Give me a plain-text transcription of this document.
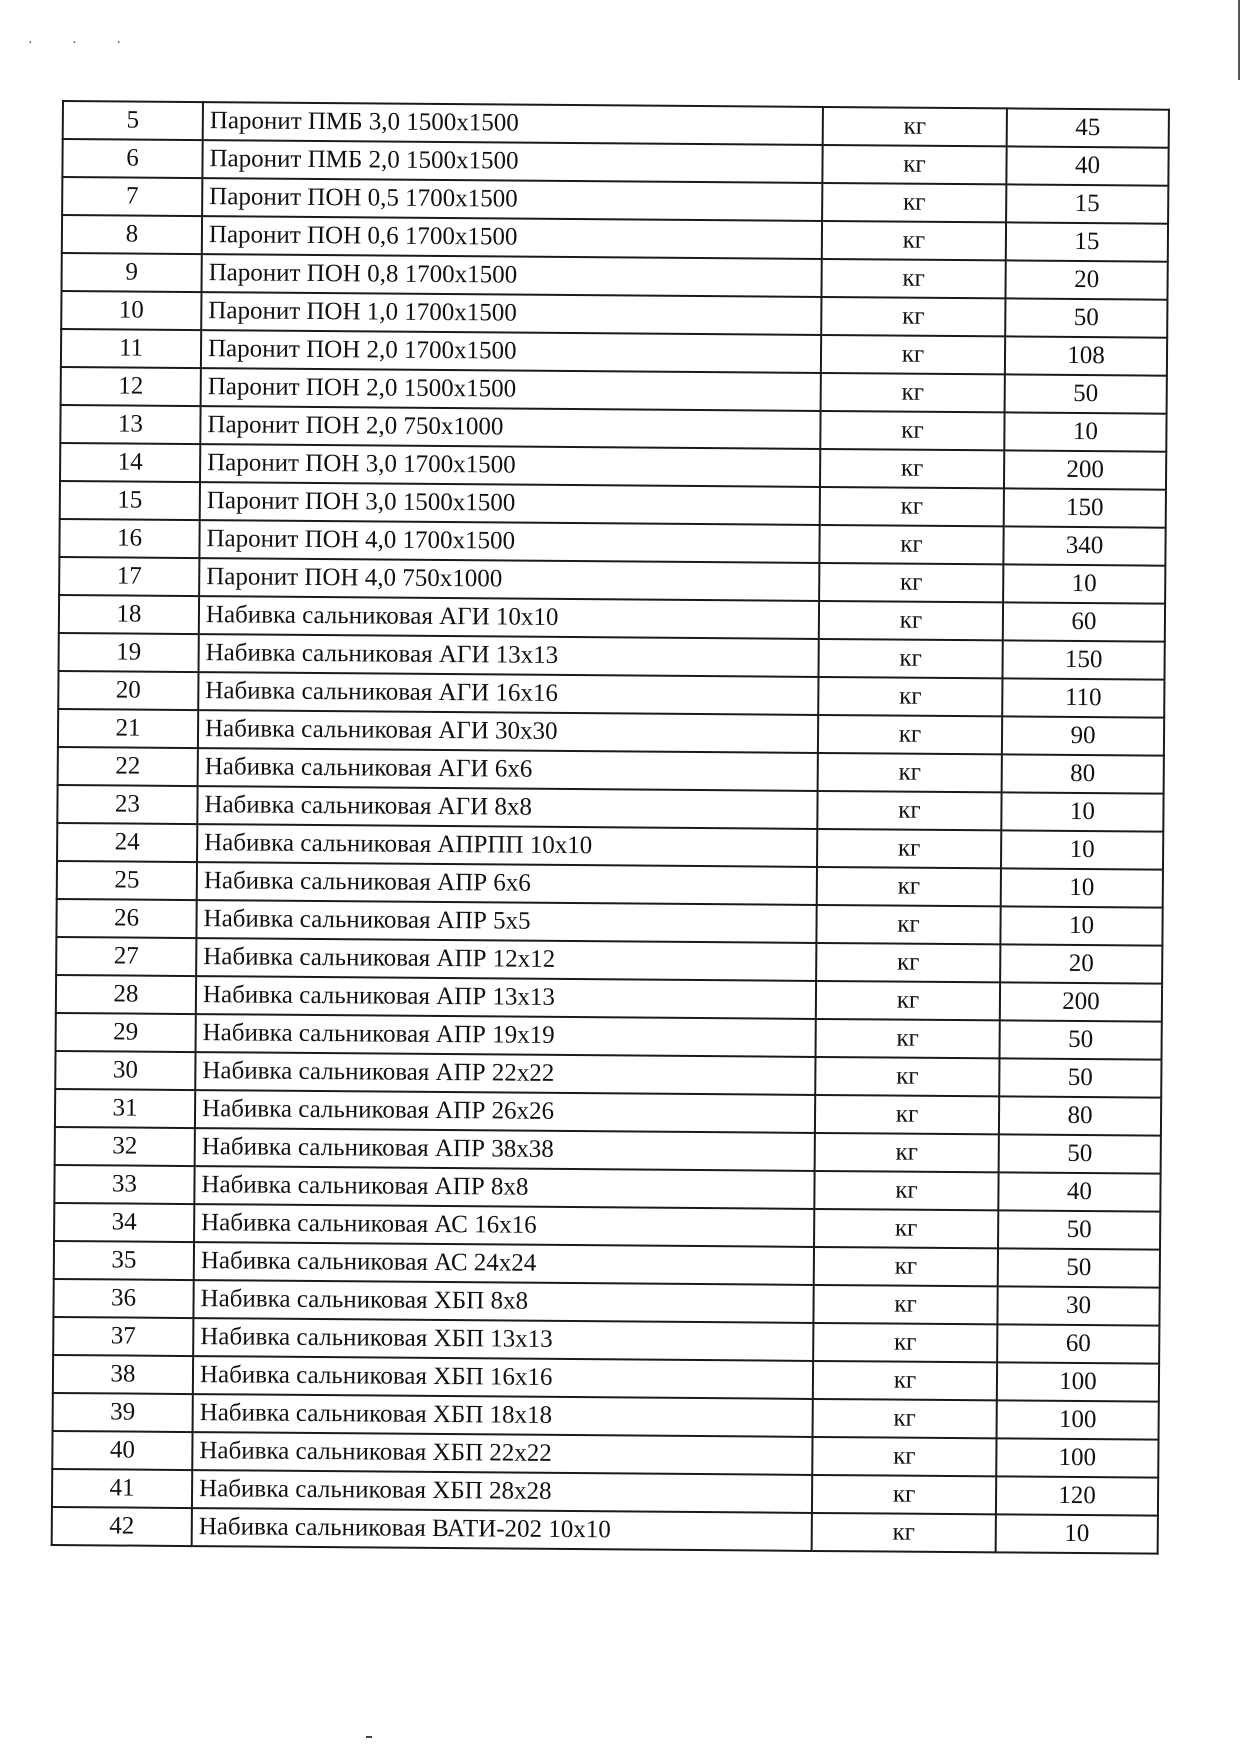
· · ·
5	Паронит ПМБ 3,0 1500х1500	кг	45
6	Паронит ПМБ 2,0 1500х1500	кг	40
7	Паронит ПОН 0,5 1700х1500	кг	15
8	Паронит ПОН 0,6 1700х1500	кг	15
9	Паронит ПОН 0,8 1700х1500	кг	20
10	Паронит ПОН 1,0 1700х1500	кг	50
11	Паронит ПОН 2,0 1700х1500	кг	108
12	Паронит ПОН 2,0 1500х1500	кг	50
13	Паронит ПОН 2,0 750х1000	кг	10
14	Паронит ПОН 3,0 1700х1500	кг	200
15	Паронит ПОН 3,0 1500х1500	кг	150
16	Паронит ПОН 4,0 1700х1500	кг	340
17	Паронит ПОН 4,0 750х1000	кг	10
18	Набивка сальниковая АГИ 10х10	кг	60
19	Набивка сальниковая АГИ 13х13	кг	150
20	Набивка сальниковая АГИ 16х16	кг	110
21	Набивка сальниковая АГИ 30х30	кг	90
22	Набивка сальниковая АГИ 6х6	кг	80
23	Набивка сальниковая АГИ 8х8	кг	10
24	Набивка сальниковая АПРПП 10х10	кг	10
25	Набивка сальниковая АПР 6х6	кг	10
26	Набивка сальниковая АПР 5х5	кг	10
27	Набивка сальниковая АПР 12х12	кг	20
28	Набивка сальниковая АПР 13х13	кг	200
29	Набивка сальниковая АПР 19х19	кг	50
30	Набивка сальниковая АПР 22х22	кг	50
31	Набивка сальниковая АПР 26х26	кг	80
32	Набивка сальниковая АПР 38х38	кг	50
33	Набивка сальниковая АПР 8х8	кг	40
34	Набивка сальниковая АС 16х16	кг	50
35	Набивка сальниковая АС 24х24	кг	50
36	Набивка сальниковая ХБП 8х8	кг	30
37	Набивка сальниковая ХБП 13х13	кг	60
38	Набивка сальниковая ХБП 16х16	кг	100
39	Набивка сальниковая ХБП 18х18	кг	100
40	Набивка сальниковая ХБП 22х22	кг	100
41	Набивка сальниковая ХБП 28х28	кг	120
42	Набивка сальниковая ВАТИ-202 10х10	кг	10
